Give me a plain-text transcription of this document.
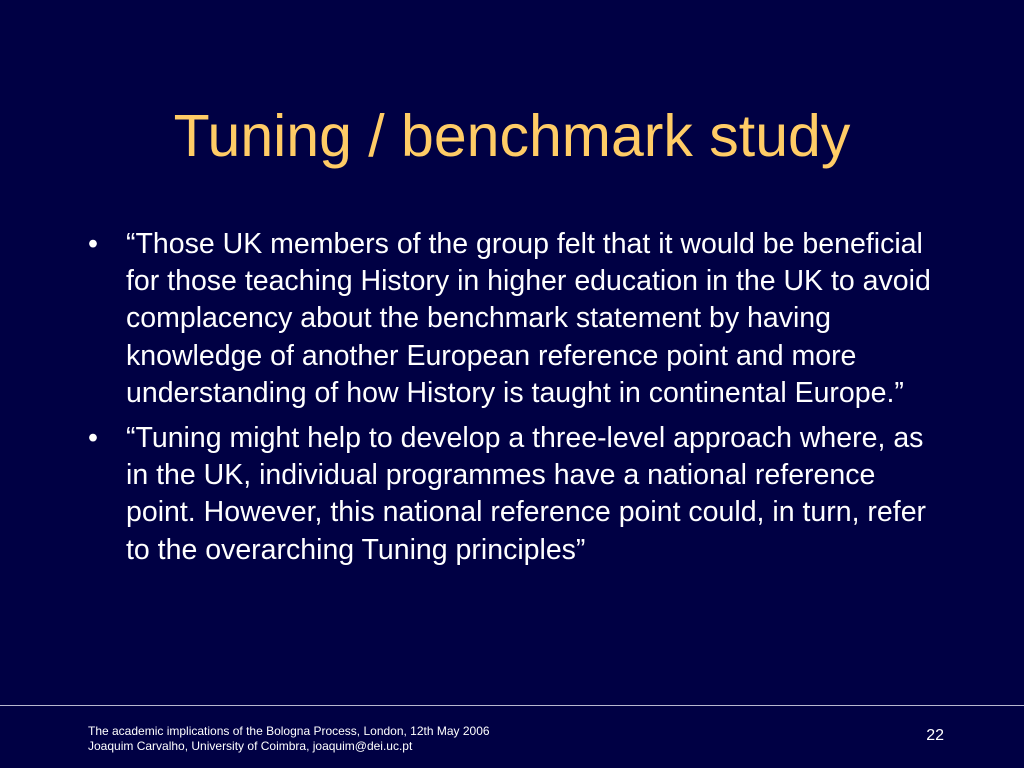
Tuning / benchmark study
• “Those UK members of the group felt that it would be beneficial for those teaching History in higher education in the UK to avoid complacency about the benchmark statement by having knowledge of another European reference point and more understanding of how History is taught in continental Europe.”
• “Tuning might help to develop a three-level approach where, as in the UK, individual programmes have a national reference point. However, this national reference point could, in turn, refer to the overarching Tuning principles”
The academic implications of the Bologna Process, London, 12th May 2006
Joaquim Carvalho, University of Coimbra, joaquim@dei.uc.pt
22
